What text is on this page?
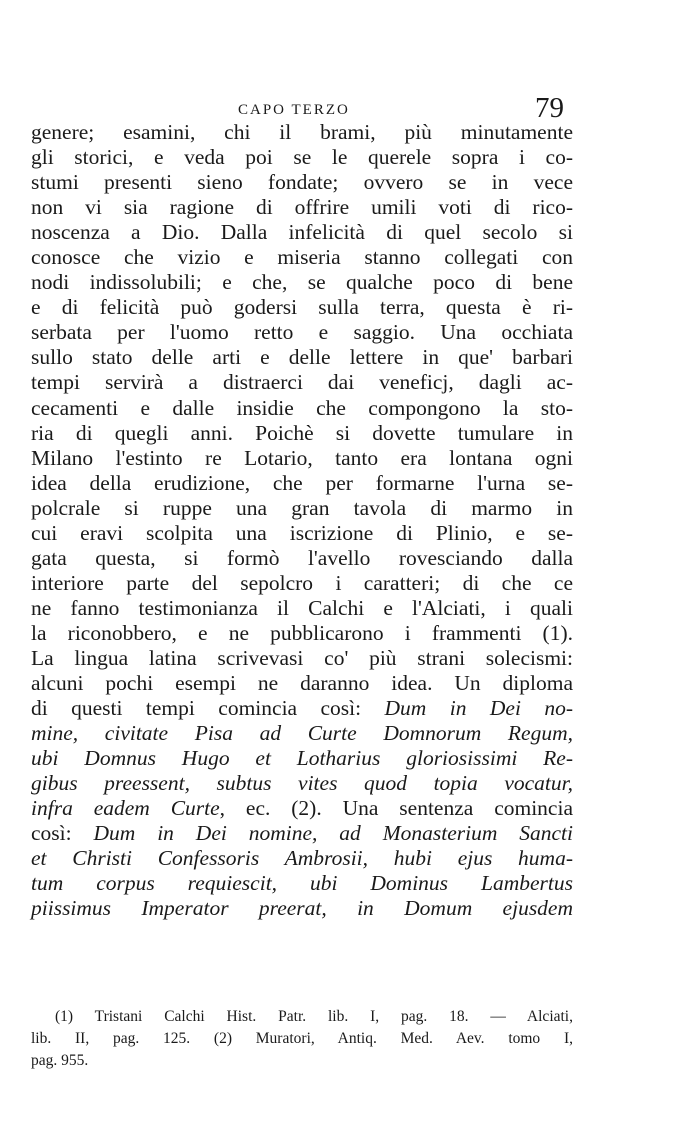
CAPO TERZO	79
genere; esamini, chi il brami, più minutamente
gli storici, e veda poi se le querele sopra i co-
stumi presenti sieno fondate; ovvero se in vece
non vi sia ragione di offrire umili voti di rico-
noscenza a Dio. Dalla infelicità di quel secolo si
conosce che vizio e miseria stanno collegati con
nodi indissolubili; e che, se qualche poco di bene
e di felicità può godersi sulla terra, questa è ri-
serbata per l'uomo retto e saggio. Una occhiata
sullo stato delle arti e delle lettere in que' barbari
tempi servirà a distraerci dai veneficj, dagli ac-
cecamenti e dalle insidie che compongono la sto-
ria di quegli anni. Poichè si dovette tumulare in
Milano l'estinto re Lotario, tanto era lontana ogni
idea della erudizione, che per formarne l'urna se-
polcrale si ruppe una gran tavola di marmo in
cui eravi scolpita una iscrizione di Plinio, e se-
gata questa, si formò l'avello rovesciando dalla
interiore parte del sepolcro i caratteri; di che ce
ne fanno testimonianza il Calchi e l'Alciati, i quali
la riconobbero, e ne pubblicarono i frammenti (1).
La lingua latina scrivevasi co' più strani solecismi:
alcuni pochi esempi ne daranno idea. Un diploma
di questi tempi comincia così: Dum in Dei no-
mine, civitate Pisa ad Curte Domnorum Regum,
ubi Domnus Hugo et Lotharius gloriosissimi Re-
gibus preessent, subtus vites quod topia vocatur,
infra eadem Curte, ec. (2). Una sentenza comincia
così: Dum in Dei nomine, ad Monasterium Sancti
et Christi Confessoris Ambrosii, hubi ejus huma-
tum corpus requiescit, ubi Dominus Lambertus
piissimus Imperator preerat, in Domum ejusdem
(1) Tristani Calchi Hist. Patr. lib. I, pag. 18. — Alciati,
lib. II, pag. 125. (2) Muratori, Antiq. Med. Aev. tomo I,
pag. 955.
